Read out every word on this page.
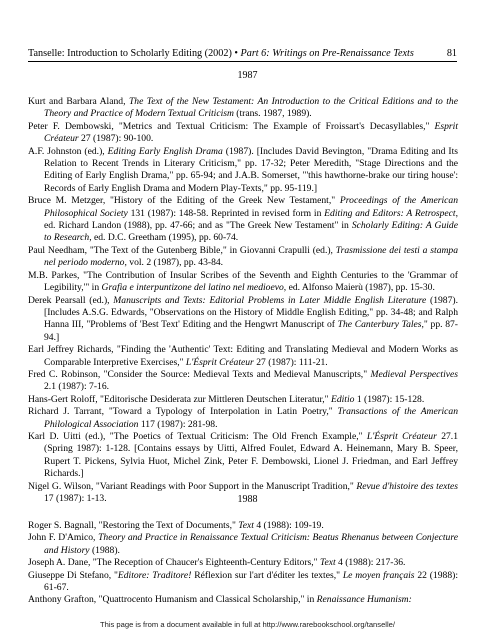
Tanselle: Introduction to Scholarly Editing (2002) • Part 6: Writings on Pre-Renaissance Texts	81
1987

Kurt and Barbara Aland, The Text of the New Testament: An Introduction to the Critical Editions and to the Theory and Practice of Modern Textual Criticism (trans. 1987, 1989).

Peter F. Dembowski, "Metrics and Textual Criticism: The Example of Froissart's Decasyllables," Esprit Créateur 27 (1987): 90-100.

A.F. Johnston (ed.), Editing Early English Drama (1987). [Includes David Bevington, "Drama Editing and Its Relation to Recent Trends in Literary Criticism," pp. 17-32; Peter Meredith, "Stage Directions and the Editing of Early English Drama," pp. 65-94; and J.A.B. Somerset, "'this hawthorne-brake our tiring house': Records of Early English Drama and Modern Play-Texts," pp. 95-119.]

Bruce M. Metzger, "History of the Editing of the Greek New Testament," Proceedings of the American Philosophical Society 131 (1987): 148-58. Reprinted in revised form in Editing and Editors: A Retrospect, ed. Richard Landon (1988), pp. 47-66; and as "The Greek New Testament" in Scholarly Editing: A Guide to Research, ed. D.C. Greetham (1995), pp. 60-74.

Paul Needham, "The Text of the Gutenberg Bible," in Giovanni Crapulli (ed.), Trasmissione dei testi a stampa nel periodo moderno, vol. 2 (1987), pp. 43-84.

M.B. Parkes, "The Contribution of Insular Scribes of the Seventh and Eighth Centuries to the 'Grammar of Legibility,'" in Grafia e interpuntizone del latino nel medioevo, ed. Alfonso Maierù (1987), pp. 15-30.

Derek Pearsall (ed.), Manuscripts and Texts: Editorial Problems in Later Middle English Literature (1987). [Includes A.S.G. Edwards, "Observations on the History of Middle English Editing," pp. 34-48; and Ralph Hanna III, "Problems of 'Best Text' Editing and the Hengwrt Manuscript of The Canterbury Tales," pp. 87-94.]

Earl Jeffrey Richards, "Finding the 'Authentic' Text: Editing and Translating Medieval and Modern Works as Comparable Interpretive Exercises," L'Ésprit Créateur 27 (1987): 111-21.

Fred C. Robinson, "Consider the Source: Medieval Texts and Medieval Manuscripts," Medieval Perspectives 2.1 (1987): 7-16.

Hans-Gert Roloff, "Editorische Desiderata zur Mittleren Deutschen Literatur," Editio 1 (1987): 15-128.

Richard J. Tarrant, "Toward a Typology of Interpolation in Latin Poetry," Transactions of the American Philological Association 117 (1987): 281-98.

Karl D. Uitti (ed.), "The Poetics of Textual Criticism: The Old French Example," L'Ésprit Créateur 27.1 (Spring 1987): 1-128. [Contains essays by Uitti, Alfred Foulet, Edward A. Heinemann, Mary B. Speer, Rupert T. Pickens, Sylvia Huot, Michel Zink, Peter F. Dembowski, Lionel J. Friedman, and Earl Jeffrey Richards.]

Nigel G. Wilson, "Variant Readings with Poor Support in the Manuscript Tradition," Revue d'histoire des textes 17 (1987): 1-13.	1988

Roger S. Bagnall, "Restoring the Text of Documents," Text 4 (1988): 109-19.

John F. D'Amico, Theory and Practice in Renaissance Textual Criticism: Beatus Rhenanus between Conjecture and History (1988).

Joseph A. Dane, "The Reception of Chaucer's Eighteenth-Century Editors," Text 4 (1988): 217-36.

Giuseppe Di Stefano, "Editore: Traditore! Réflexion sur l'art d'éditer les textes," Le moyen français 22 (1988): 61-67.

Anthony Grafton, "Quattrocento Humanism and Classical Scholarship," in Renaissance Humanism:

This page is from a document available in full at http://www.rarebookschool.org/tanselle/
